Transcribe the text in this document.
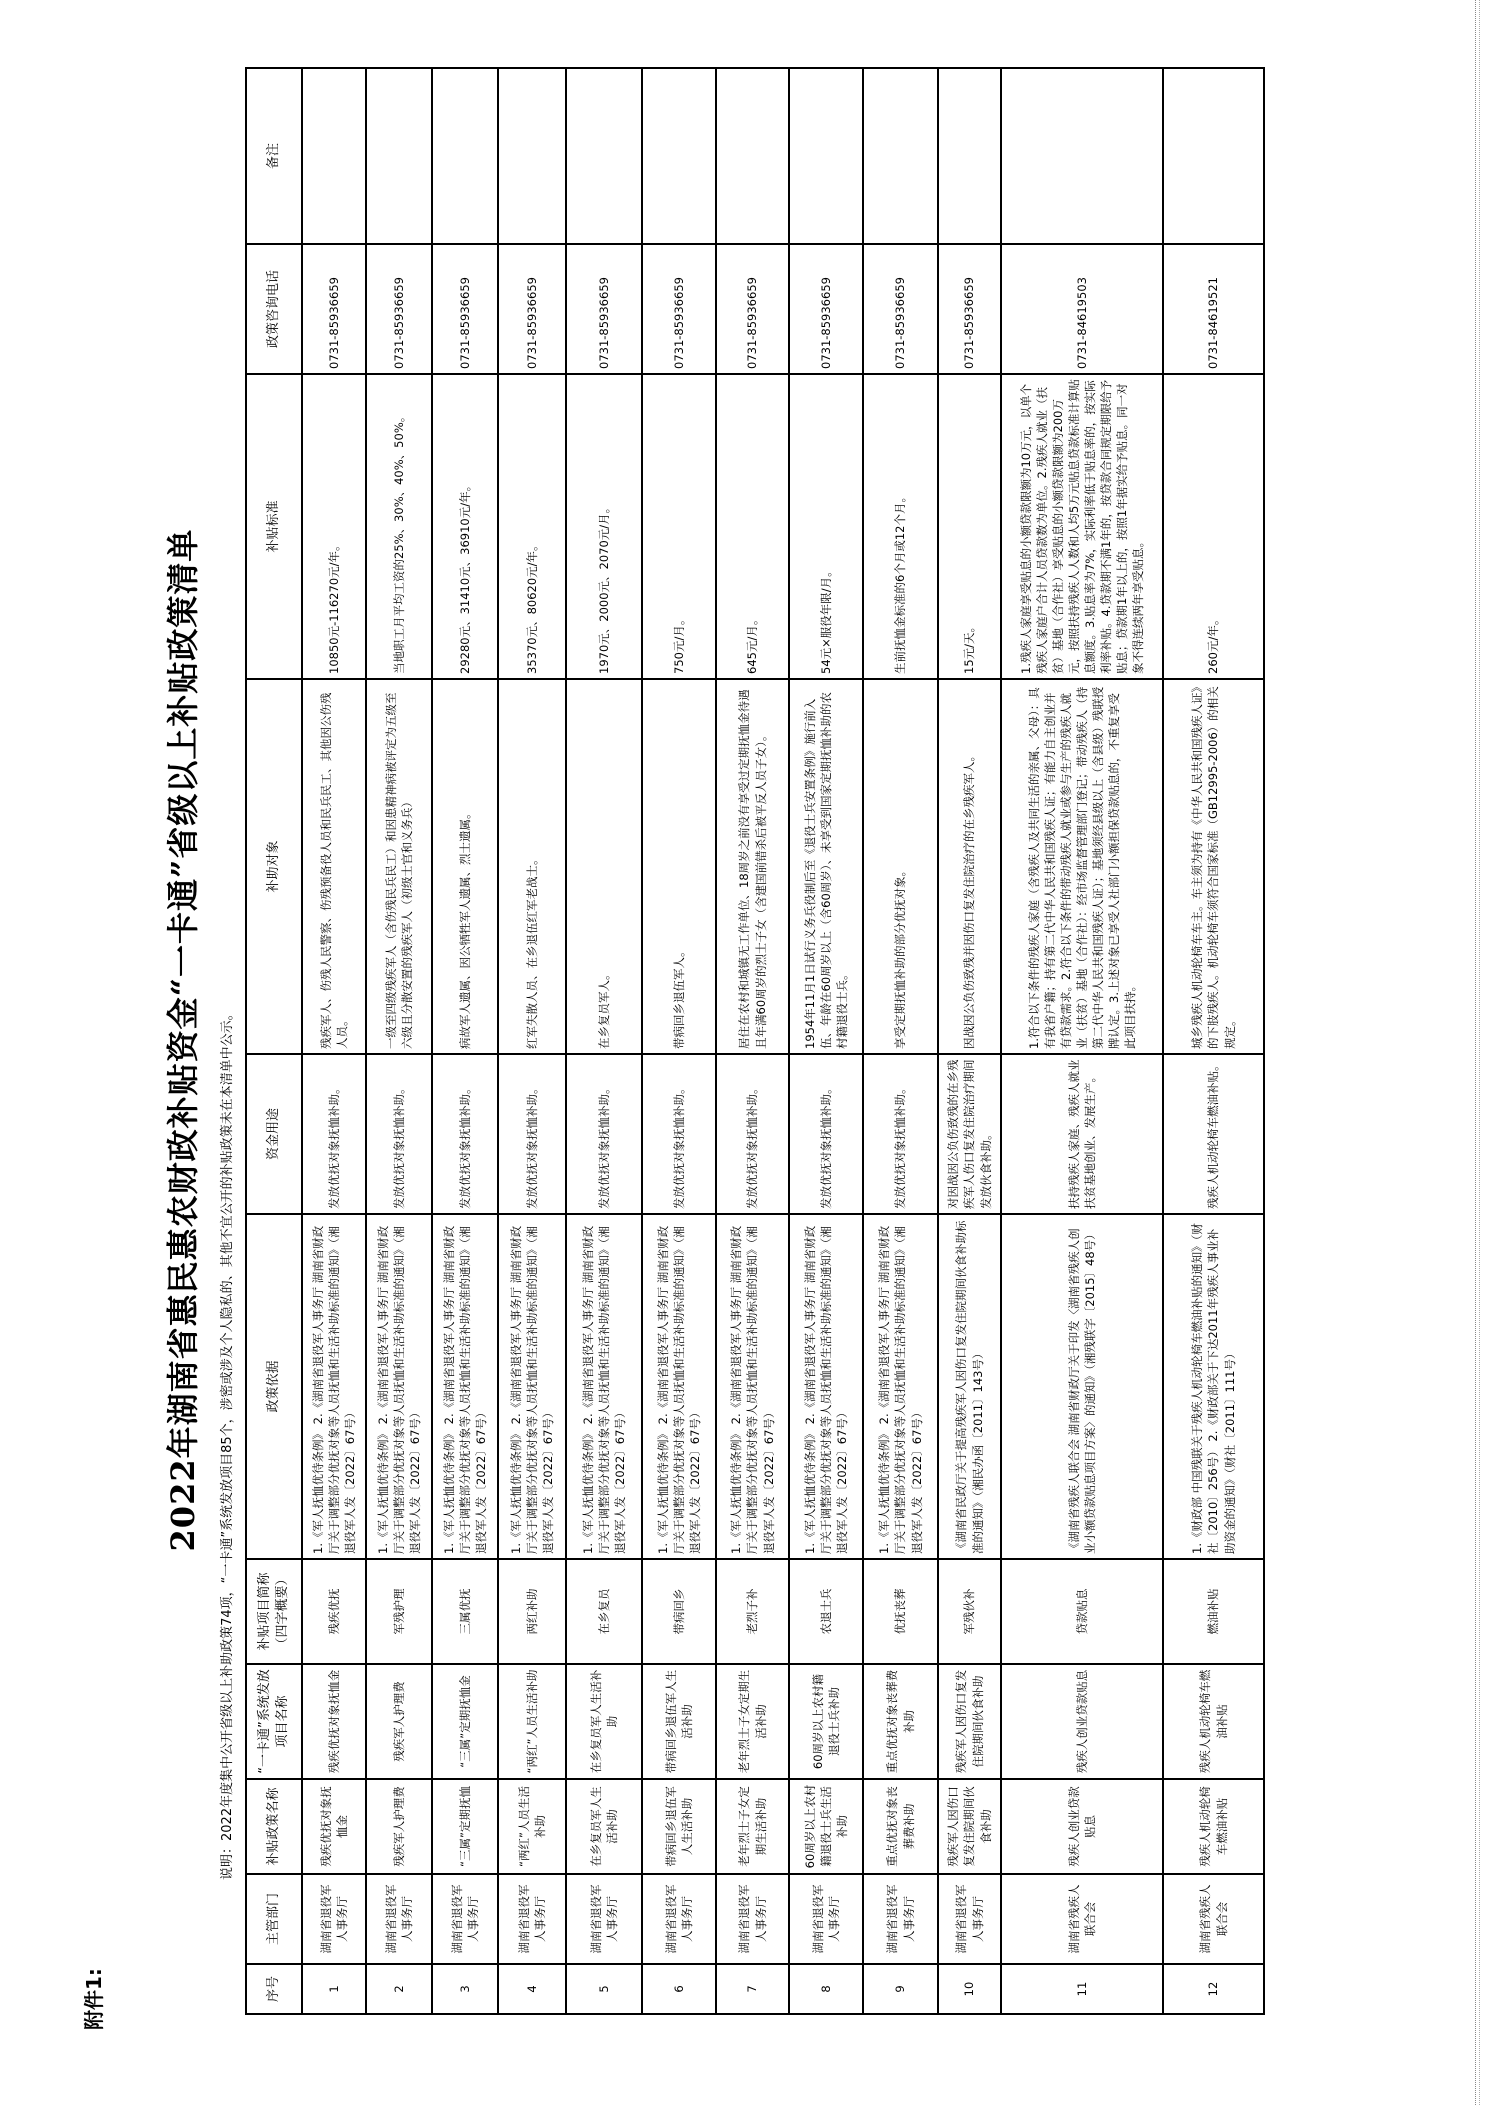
附件1:
2022年湖南省惠民惠农财政补贴资金“一卡通”省级以上补贴政策清单	说明：2022年度集中公开省级以上补助政策74项，“一卡通”系统发放项目85个，涉密或涉及个人隐私的、其他不宜公开的补贴政策未在本清单中公示。
序号	主管部门	补贴政策名称	“一卡通”系统发放项目名称	补贴项目简称（四字概要）	政策依据	资金用途	补助对象	补贴标准	政策咨询电话	备注
1	湖南省退役军人事务厅	残疾优抚对象抚恤金	残疾优抚对象抚恤金	残疾优抚	1.《军人抚恤优待条例》 2.《湖南省退役军人事务厅 湖南省财政厅关于调整部分优抚对象等人员抚恤和生活补助标准的通知》（湘退役军人发〔2022〕67号）	发放优抚对象抚恤补助。	残疾军人、伤残人民警察、伤残预备役人员和民兵民工、其他因公伤残人员。	10850元-116270元/年。	0731-85936659	
2	湖南省退役军人事务厅	残疾军人护理费	残疾军人护理费	军残护理	1.《军人抚恤优待条例》 2.《湖南省退役军人事务厅 湖南省财政厅关于调整部分优抚对象等人员抚恤和生活补助标准的通知》（湘退役军人发〔2022〕67号）	发放优抚对象抚恤补助。	一级至四级残疾军人（含伤残民兵民工）和因患精神病被评定为五级至六级且分散安置的残疾军人（初级士官和义务兵）	当地职工月平均工资的25%、30%、40%、50%。	0731-85936659	
3	湖南省退役军人事务厅	“三属”定期抚恤	“三属”定期抚恤金	三属优抚	1.《军人抚恤优待条例》 2.《湖南省退役军人事务厅 湖南省财政厅关于调整部分优抚对象等人员抚恤和生活补助标准的通知》（湘退役军人发〔2022〕67号）	发放优抚对象抚恤补助。	病故军人遗属、因公牺牲军人遗属、烈士遗属。	29280元、31410元、36910元/年。	0731-85936659	
4	湖南省退役军人事务厅	“两红”人员生活补助	“两红”人员生活补助	两红补助	1.《军人抚恤优待条例》 2.《湖南省退役军人事务厅 湖南省财政厅关于调整部分优抚对象等人员抚恤和生活补助标准的通知》（湘退役军人发〔2022〕67号）	发放优抚对象抚恤补助。	红军失散人员、在乡退伍红军老战士。	35370元、80620元/年。	0731-85936659	
5	湖南省退役军人事务厅	在乡复员军人生活补助	在乡复员军人生活补助	在乡复员	1.《军人抚恤优待条例》 2.《湖南省退役军人事务厅 湖南省财政厅关于调整部分优抚对象等人员抚恤和生活补助标准的通知》（湘退役军人发〔2022〕67号）	发放优抚对象抚恤补助。	在乡复员军人。	1970元、2000元、2070元/月。	0731-85936659	
6	湖南省退役军人事务厅	带病回乡退伍军人生活补助	带病回乡退伍军人生活补助	带病回乡	1.《军人抚恤优待条例》 2.《湖南省退役军人事务厅 湖南省财政厅关于调整部分优抚对象等人员抚恤和生活补助标准的通知》（湘退役军人发〔2022〕67号）	发放优抚对象抚恤补助。	带病回乡退伍军人。	750元/月。	0731-85936659	
7	湖南省退役军人事务厅	老年烈士子女定期生活补助	老年烈士子女定期生活补助	老烈子补	1.《军人抚恤优待条例》 2.《湖南省退役军人事务厅 湖南省财政厅关于调整部分优抚对象等人员抚恤和生活补助标准的通知》（湘退役军人发〔2022〕67号）	发放优抚对象抚恤补助。	居住在农村和城镇无工作单位、18周岁之前没有享受过定期抚恤金待遇且年满60周岁的烈士子女（含建国前错杀后被平反人员子女）。	645元/月。	0731-85936659	
8	湖南省退役军人事务厅	60周岁以上农村籍退役士兵生活补助	60周岁以上农村籍退役士兵补助	农退士兵	1.《军人抚恤优待条例》 2.《湖南省退役军人事务厅 湖南省财政厅关于调整部分优抚对象等人员抚恤和生活补助标准的通知》（湘退役军人发〔2022〕67号）	发放优抚对象抚恤补助。	1954年11月1日试行义务兵役制后至《退役士兵安置条例》施行前入伍、年龄在60周岁以上（含60周岁）、未享受到国家定期抚恤补助的农村籍退役士兵。	54元×服役年限/月。	0731-85936659	
9	湖南省退役军人事务厅	重点优抚对象丧葬费补助	重点优抚对象丧葬费补助	优抚丧葬	1.《军人抚恤优待条例》 2.《湖南省退役军人事务厅 湖南省财政厅关于调整部分优抚对象等人员抚恤和生活补助标准的通知》（湘退役军人发〔2022〕67号）	发放优抚对象抚恤补助。	享受定期抚恤补助的部分优抚对象。	生前抚恤金标准的6个月或12个月。	0731-85936659	
10	湖南省退役军人事务厅	残疾军人因伤口复发住院期间伙食补助	残疾军人因伤口复发住院期间伙食补助	军残伙补	《湖南省民政厅关于提高残疾军人因伤口复发住院期间伙食补助标准的通知》（湘民办函〔2011〕143号）	对因战因公负伤致残的在乡残疾军人伤口复发住院治疗期间发放伙食补助。	因战因公负伤致残并因伤口复发住院治疗的在乡残疾军人。	15元/天。	0731-85936659	
11	湖南省残疾人联合会	残疾人创业贷款贴息	残疾人创业贷款贴息	贷款贴息	《湖南省残疾人联合会 湖南省财政厅关于印发〈湖南省残疾人创业小额贷款贴息项目方案〉的通知》（湘残联字〔2015〕48号）	扶持残疾人家庭、残疾人就业扶贫基地创业、发展生产。	1.符合以下条件的残疾人家庭（含残疾人及共同生活的亲属、父母）：具有我省户籍；持有第二代中华人民共和国残疾人证；有能力自主创业并有贷款需求。2.符合以下条件的带动残疾人就业或参与生产的残疾人就业（扶贫）基地（合作社）：经市场监督管理部门登记；带动残疾人（持第二代中华人民共和国残疾人证）；基地须经县级以上（含县级）残联授牌认定。3.上述对象已享受人社部门小额担保贷款贴息的，不重复享受此项目扶持。	1.残疾人家庭享受贴息的小额贷款限额为10万元，以单个残疾人家庭户合计人员贷款数为单位。2.残疾人就业（扶贫）基地（合作社）享受贴息的小额贷款限额为200万元，按照扶持残疾人人数和人均5万元贴息贷款标准计算贴息额度。3.贴息率为7%，实际利率低于贴息率的，按实际利率补贴。4.贷款期不满1年的，按贷款合同规定期限给予贴息；贷款期1年以上的，按照1年据实给予贴息。同一对象不得连续两年享受贴息。	0731-84619503	
12	湖南省残疾人联合会	残疾人机动轮椅车燃油补贴	残疾人机动轮椅车燃油补贴	燃油补贴	1.《财政部 中国残联关于残疾人机动轮椅车燃油补贴的通知》（财社〔2010〕256号） 2.《财政部关于下达2011年残疾人事业补助资金的通知》（财社〔2011〕111号）	残疾人机动轮椅车燃油补贴。	城乡残疾人机动轮椅车车主。车主须为持有《中华人民共和国残疾人证》的下肢残疾人。机动轮椅车须符合国家标准（GB12995-2006）的相关规定。	260元/年。	0731-84619521	
